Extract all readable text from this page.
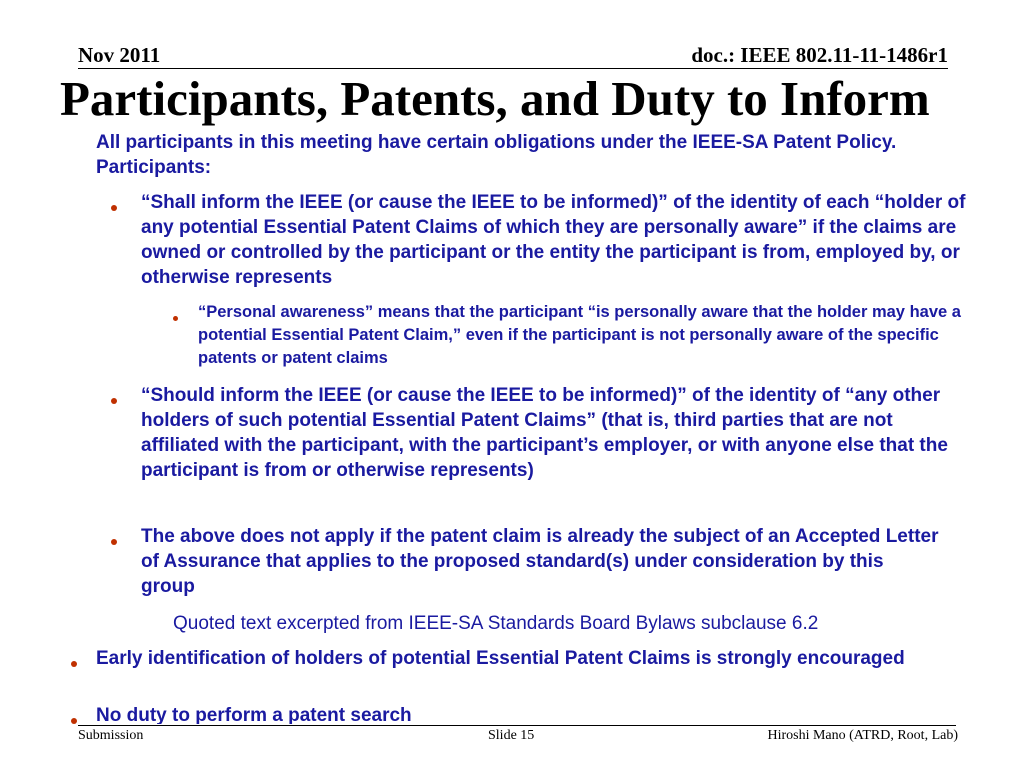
Nov 2011	doc.: IEEE 802.11-11-1486r1
Participants, Patents, and Duty to Inform
All participants in this meeting have certain obligations under the IEEE-SA Patent Policy. Participants:
“Shall inform the IEEE (or cause the IEEE to be informed)” of the identity of each “holder of any potential Essential Patent Claims of which they are personally aware” if the claims are owned or controlled by the participant or the entity the participant is from, employed by, or otherwise represents
“Personal awareness” means that the participant “is personally aware that the holder may have a potential Essential Patent Claim,” even if the participant is not personally aware of the specific patents or patent claims
“Should inform the IEEE (or cause the IEEE to be informed)” of the identity of “any other holders of such potential Essential Patent Claims” (that is, third parties that are not affiliated with the participant, with the participant’s employer, or with anyone else that the participant is from or otherwise represents)
The above does not apply if the patent claim is already the subject of an Accepted Letter of Assurance that applies to the proposed standard(s) under consideration by this group
Quoted text excerpted from IEEE-SA Standards Board Bylaws subclause 6.2
Early identification of holders of potential Essential Patent Claims is strongly encouraged
No duty to perform a patent search
Submission	Slide 15	Hiroshi Mano (ATRD, Root, Lab)
